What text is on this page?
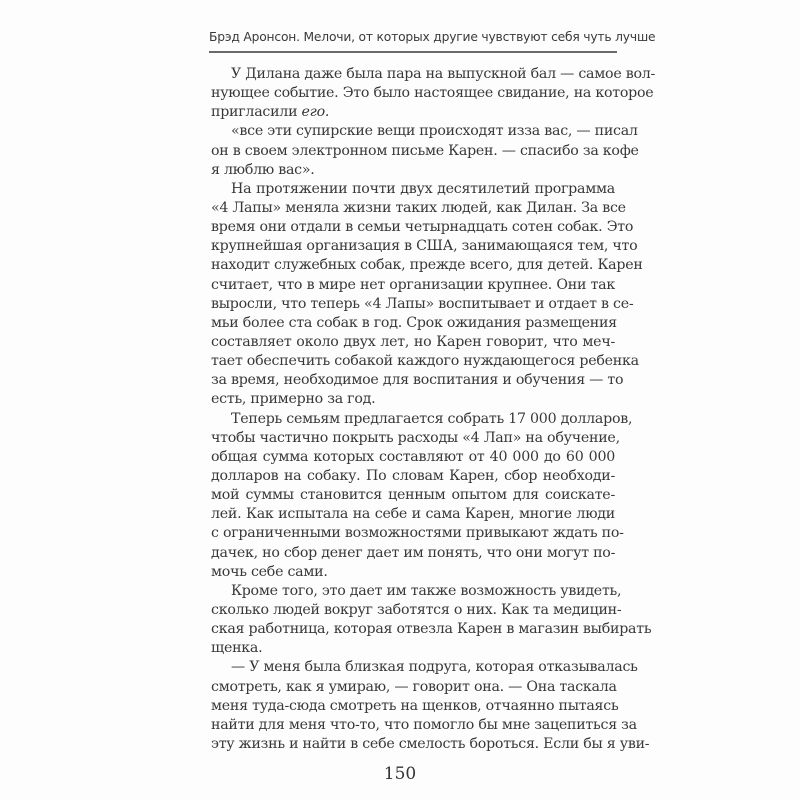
Брэд Аронсон. Мелочи, от которых другие чувствуют себя чуть лучше
У Дилана даже была пара на выпускной бал — самое вол-
нующее событие. Это было настоящее свидание, на которое
пригласили его.
«все эти супирские вещи происходят изза вас, — писал
он в своем электронном письме Карен. — спасибо за кофе
я люблю вас».
На протяжении почти двух десятилетий программа
«4 Лапы» меняла жизни таких людей, как Дилан. За все
время они отдали в семьи четырнадцать сотен собак. Это
крупнейшая организация в США, занимающаяся тем, что
находит служебных собак, прежде всего, для детей. Карен
считает, что в мире нет организации крупнее. Они так
выросли, что теперь «4 Лапы» воспитывает и отдает в се-
мьи более ста собак в год. Срок ожидания размещения
составляет около двух лет, но Карен говорит, что меч-
тает обеспечить собакой каждого нуждающегося ребенка
за время, необходимое для воспитания и обучения — то
есть, примерно за год.
Теперь семьям предлагается собрать 17 000 долларов,
чтобы частично покрыть расходы «4 Лап» на обучение,
общая сумма которых составляют от 40 000 до 60 000
долларов на собаку. По словам Карен, сбор необходи-
мой суммы становится ценным опытом для соискате-
лей. Как испытала на себе и сама Карен, многие люди
с ограниченными возможностями привыкают ждать по-
дачек, но сбор денег дает им понять, что они могут по-
мочь себе сами.
Кроме того, это дает им также возможность увидеть,
сколько людей вокруг заботятся о них. Как та медицин-
ская работница, которая отвезла Карен в магазин выбирать
щенка.
— У меня была близкая подруга, которая отказывалась
смотреть, как я умираю, — говорит она. — Она таскала
меня туда-сюда смотреть на щенков, отчаянно пытаясь
найти для меня что-то, что помогло бы мне зацепиться за
эту жизнь и найти в себе смелость бороться. Если бы я уви-
150
